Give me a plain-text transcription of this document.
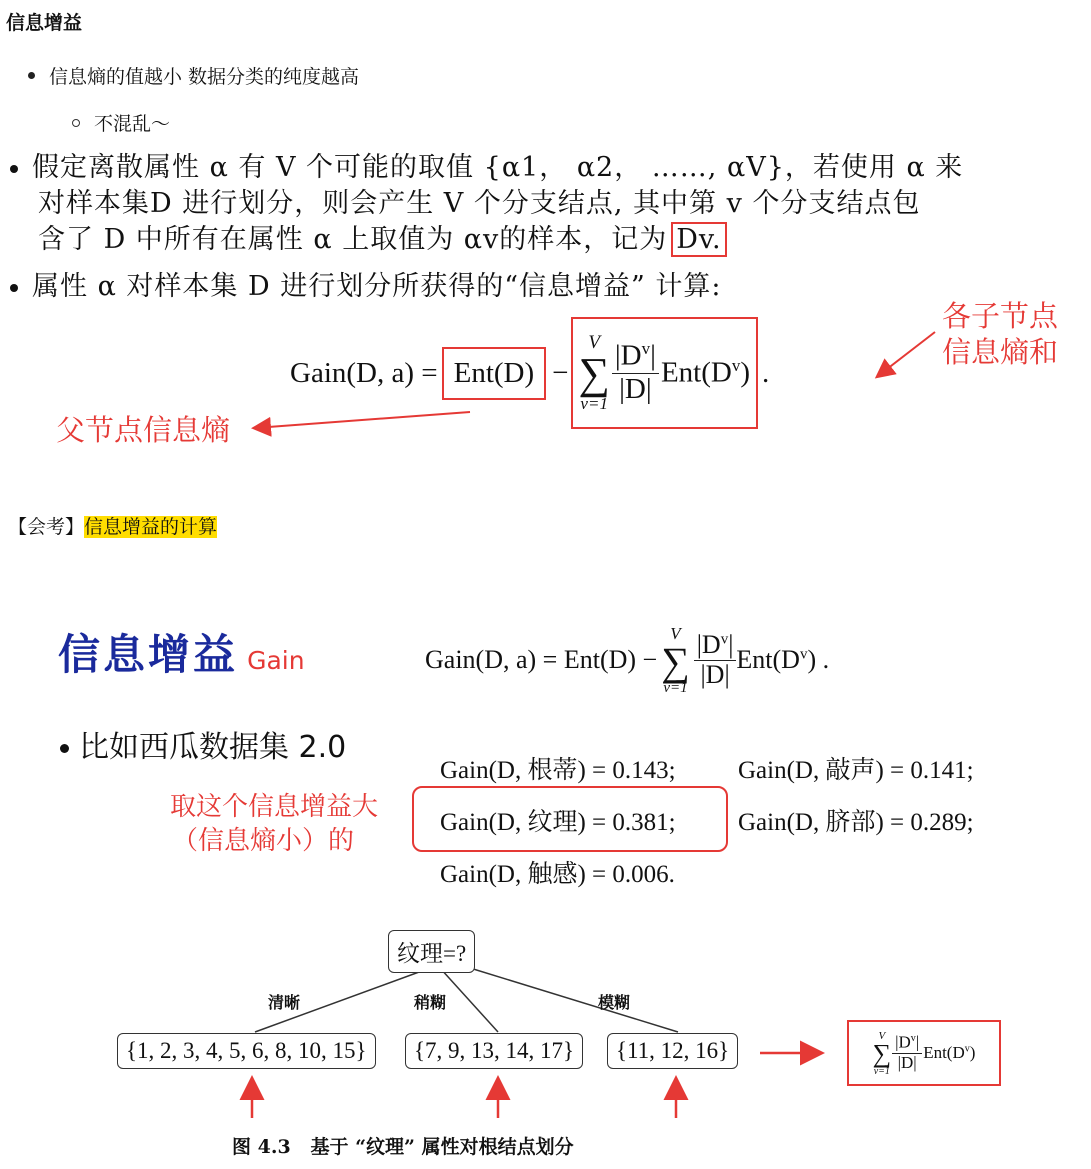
信息增益
信息熵的值越小 数据分类的纯度越高
不混乱～
假定离散属性 α 有 V 个可能的取值 {α1， α2， ……, αV}，若使用 α 来
对样本集D 进行划分，则会产生 V 个分支结点, 其中第 v 个分支结点包
含了 D 中所有在属性 α 上取值为 αv的样本，记为 Dv.
属性 α 对样本集 D 进行划分所获得的“信息增益” 计算:
Gain(D, a) = Ent(D) −
V
∑
$v=1 \frac{|D^v|}{|D|} Ent(D^v)$ .
各子节点
信息熵和
父节点信息熵
【会考】信息增益的计算
信息增益 Gain	Gain(D, a) = Ent(D) −
V
∑
$v=1 \frac{|D^v|}{|D|} Ent(D^v)$ .
比如西瓜数据集 2.0
Gain(D, 根蒂) = 0.143; Gain(D, 敲声) = 0.141;
Gain(D, 纹理) = 0.381; Gain(D, 脐部) = 0.289;
Gain(D, 触感) = 0.006.
取这个信息增益大
（信息熵小）的
纹理=?
清晰	稍糊	模糊
{1, 2, 3, 4, 5, 6, 8, 10, 15}	{7, 9, 13, 14, 17}	{11, 12, 16}
V
∑
$v=1 \frac{|D^v|}{|D|} Ent(D^v)$
图 4.3   基于 “纹理” 属性对根结点划分
